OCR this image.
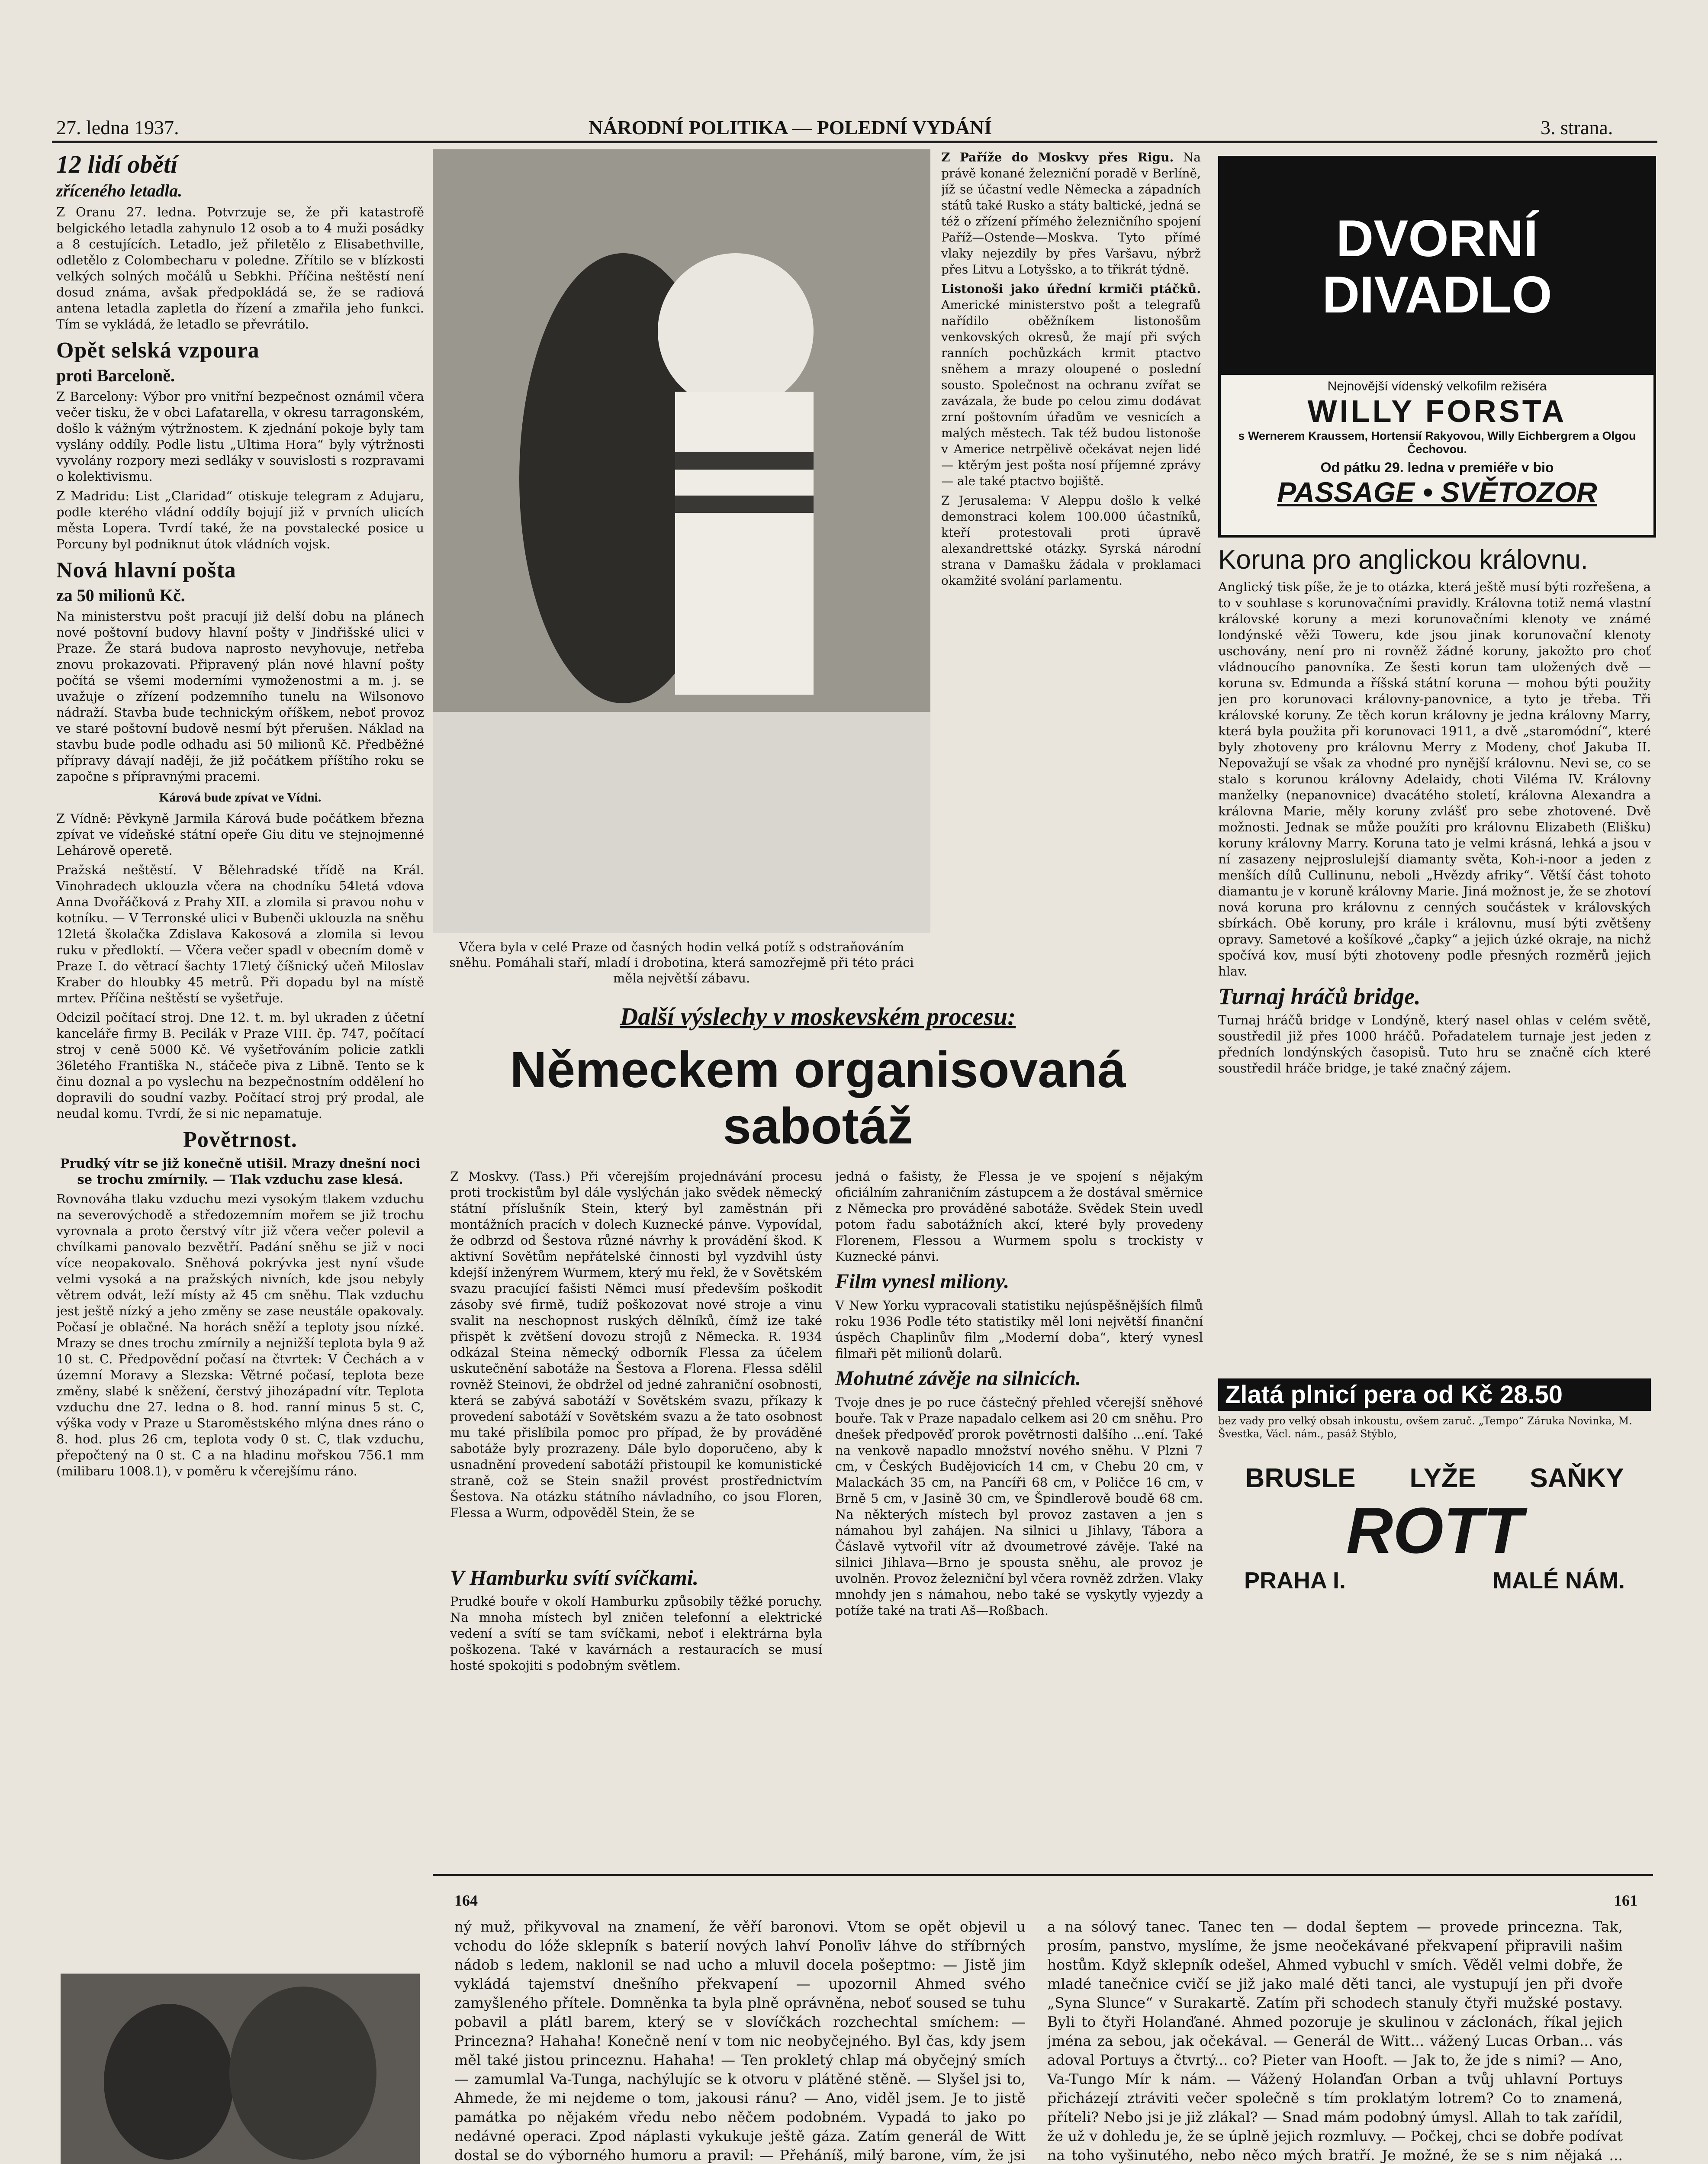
27. ledna 1937.	NÁRODNÍ POLITIKA — POLEDNÍ VYDÁNÍ	3. strana.
12 lidí obětí
zříceného letadla.

Z Oranu 27. ledna. Potvrzuje se, že při katastrofě belgického letadla zahynulo 12 osob a to 4 muži posádky a 8 cestujících. Letadlo, jež přiletělo z Elisabethville, odletělo z Colombecharu v poledne. Zřítilo se v blízkosti velkých solných močálů u Sebkhi. Příčina neštěstí není dosud známa, avšak předpokládá se, že se radiová antena letadla zapletla do řízení a zmařila jeho funkci. Tím se vykládá, že letadlo se převrátilo.

Opět selská vzpoura
proti Barceloně.

Z Barcelony: Výbor pro vnitřní bezpečnost oznámil včera večer tisku, že v obci Lafatarella, v okresu tarragonském, došlo k vážným výtržnostem. K zjednání pokoje byly tam vyslány oddíly. Podle listu „Ultima Hora“ byly výtržnosti vyvolány rozpory mezi sedláky v souvislosti s rozpravami o kolektivismu.

Z Madridu: List „Claridad“ otiskuje telegram z Adujaru, podle kterého vládní oddíly bojují již v prvních ulicích města Lopera. Tvrdí také, že na povstalecké posice u Porcuny byl podniknut útok vládních vojsk.

Nová hlavní pošta
za 50 milionů Kč.

Na ministerstvu pošt pracují již delší dobu na plánech nové poštovní budovy hlavní pošty v Jindřišské ulici v Praze. Že stará budova naprosto nevyhovuje, netřeba znovu prokazovati. Připravený plán nové hlavní pošty počítá se všemi moderními vymoženostmi a m. j. se uvažuje o zřízení podzemního tunelu na Wilsonovo nádraží. Stavba bude technickým oříškem, neboť provoz ve staré poštovní budově nesmí být přerušen. Náklad na stavbu bude podle odhadu asi 50 milionů Kč. Předběžné přípravy dávají naději, že již počátkem příštího roku se započne s přípravnými pracemi.

Kárová bude zpívat ve Vídni.

Z Vídně: Pěvkyně Jarmila Kárová bude počátkem března zpívat ve vídeňské státní opeře Giu ditu ve stejnojmenné Lehárově operetě.

Pražská neštěstí. V Bělehradské třídě na Král. Vinohradech uklouzla včera na chodníku 54letá vdova Anna Dvořáčková z Prahy XII. a zlomila si pravou nohu v kotníku. — V Terronské ulici v Bubenči uklouzla na sněhu 12letá školačka Zdislava Kakosová a zlomila si levou ruku v předloktí. — Včera večer spadl v obecním domě v Praze I. do větrací šachty 17letý číšnický učeň Miloslav Kraber do hloubky 45 metrů. Při dopadu byl na místě mrtev. Příčina neštěstí se vyšetřuje.

Odcizil počítací stroj. Dne 12. t. m. byl ukraden z účetní kanceláře firmy B. Pecilák v Praze VIII. čp. 747, počítací stroj v ceně 5000 Kč. Vé vyšetřováním policie zatkli 36letého Františka N., stáčeče piva z Libně. Tento se k činu doznal a po vyslechu na bezpečnostním oddělení ho dopravili do soudní vazby. Počítací stroj prý prodal, ale neudal komu. Tvrdí, že si nic nepamatuje.

Povětrnost.

Prudký vítr se již konečně utišil. Mrazy dnešní noci se trochu zmírnily. — Tlak vzduchu zase klesá.

Rovnováha tlaku vzduchu mezi vysokým tlakem vzduchu na severovýchodě a středozemním mořem se již trochu vyrovnala a proto čerstvý vítr již včera večer polevil a chvílkami panovalo bezvětří. Padání sněhu se již v noci více neopakovalo. Sněhová pokrývka jest nyní všude velmi vysoká a na pražských nivních, kde jsou nebyly větrem odvát, leží místy až 45 cm sněhu. Tlak vzduchu jest ještě nízký a jeho změny se zase neustále opakovaly. Počasí je oblačné. Na horách sněží a teploty jsou nízké. Mrazy se dnes trochu zmírnily a nejnižší teplota byla 9 až 10 st. C. Předpovědní počasí na čtvrtek: V Čechách a v územní Moravy a Slezska: Větrné počasí, teplota beze změny, slabé k sněžení, čerstvý jihozápadní vítr. Teplota vzduchu dne 27. ledna o 8. hod. ranní minus 5 st. C, výška vody v Praze u Staroměstského mlýna dnes ráno o 8. hod. plus 26 cm, teplota vody 0 st. C, tlak vzduchu, přepočtený na 0 st. C a na hladinu mořskou 756.1 mm (milibaru 1008.1), v poměru k včerejšímu ráno.

Včera byla v celé Praze od časných hodin velká potíž s odstraňováním sněhu. Pomáhali staří, mladí i drobotina, která samozřejmě při této práci měla největší zábavu.

Z Paříže do Moskvy přes Rigu. Na právě konané železniční poradě v Berlíně, jíž se účastní vedle Německa a západních států také Rusko a státy baltické, jedná se též o zřízení přímého železničního spojení Paříž—Ostende—Moskva. Tyto přímé vlaky nejezdily by přes Varšavu, nýbrž přes Litvu a Lotyšsko, a to třikrát týdně.

Listonoši jako úřední krmiči ptáčků. Americké ministerstvo pošt a telegrafů nařídilo oběžníkem listonošům venkovských okresů, že mají při svých ranních pochůzkách krmit ptactvo sněhem a mrazy oloupené o poslední sousto. Společnost na ochranu zvířat se zavázala, že bude po celou zimu dodávat zrní poštovním úřadům ve vesnicích a malých městech. Tak též budou listonoše v Americe netrpělivě očekávat nejen lidé — ktěrým jest pošta nosí příjemné zprávy — ale také ptactvo bojiště.

Z Jerusalema: V Aleppu došlo k velké demonstraci kolem 100.000 účastníků, kteří protestovali proti úpravě alexandrettské otázky. Syrská národní strana v Damašku žádala v proklamaci okamžité svolání parlamentu.

DVORNÍ DIVADLO
Nejnovější vídenský velkofilm režiséra
WILLY FORSTA
s Wernerem Kraussem, Hortensií Rakyovou, Willy Eichbergrem a Olgou Čechovou.
Od pátku 29. ledna v premiéře v bio
PASSAGE • SVĚTOZOR
Koruna pro anglickou královnu.

Anglický tisk píše, že je to otázka, která ještě musí býti rozřešena, a to v souhlase s korunovačními pravidly. Královna totiž nemá vlastní královské koruny a mezi korunovačními klenoty ve známé londýnské věži Toweru, kde jsou jinak korunovační klenoty uschovány, není pro ni rovněž žádné koruny, jakožto pro choť vládnoucího panovníka. Ze šesti korun tam uložených dvě — koruna sv. Edmunda a říšská státní koruna — mohou býti použity jen pro korunovaci královny-panovnice, a tyto je třeba. Tři královské koruny. Ze těch korun královny je jedna královny Marry, která byla použita při korunovaci 1911, a dvě „staromódní“, které byly zhotoveny pro královnu Merry z Modeny, choť Jakuba II. Nepovažují se však za vhodné pro nynější královnu. Nevi se, co se stalo s korunou královny Adelaidy, choti Viléma IV. Královny manželky (nepanovnice) dvacátého století, královna Alexandra a královna Marie, měly koruny zvlášť pro sebe zhotovené. Dvě možnosti. Jednak se může použíti pro královnu Elizabeth (Elišku) koruny královny Marry. Koruna tato je velmi krásná, lehká a jsou v ní zasazeny nejproslulejší diamanty světa, Koh-i-noor a jeden z menších dílů Cullinunu, neboli „Hvězdy afriky“. Větší část tohoto diamantu je v koruně královny Marie. Jiná možnost je, že se zhotoví nová koruna pro královnu z cenných součástek v královských sbírkách. Obě koruny, pro krále i královnu, musí býti zvětšeny opravy. Sametové a košíkové „čapky“ a jejich úzké okraje, na nichž spočívá kov, musí býti zhotoveny podle přesných rozměrů jejich hlav.

Turnaj hráčů bridge.

Turnaj hráčů bridge v Londýně, který nasel ohlas v celém světě, soustředil již přes 1000 hráčů. Pořadatelem turnaje jest jeden z předních londýnských časopisů. Tuto hru se značně cích které soustředil hráče bridge, je také značný zájem.

Zlatá plnicí pera od Kč 28.50
bez vady pro velký obsah inkoustu, ovšem zaruč. „Tempo“ Záruka Novinka, M. Švestka, Václ. nám., pasáž Stýblo,
BRUSLE LYŽE SAŇKY
ROTT
PRAHA I.	MALÉ NÁM.
Další výslechy v moskevském procesu:
Německem organisovaná
sabotáž

Z Moskvy. (Tass.) Při včerejším projednávání procesu proti trockistům byl dále vyslýchán jako svědek německý státní příslušník Stein, který byl zaměstnán při montážních pracích v dolech Kuznecké pánve. Vypovídal, že odbrzd od Šestova různé návrhy k provádění škod. K aktivní Sovětům nepřátelské činnosti byl vyzdvihl ústy kdejší inženýrem Wurmem, který mu řekl, že v Sovětském svazu pracující fašisti Němci musí především poškodit zásoby své firmě, tudíž poškozovat nové stroje a vinu svalit na neschopnost ruských dělníků, čímž ize také přispět k zvětšení dovozu strojů z Německa. R. 1934 odkázal Steina německý odborník Flessa za účelem uskutečnění sabotáže na Šestova a Florena. Flessa sdělil rovněž Steinovi, že obdržel od jedné zahraniční osobnosti, která se zabývá sabotáží v Sovětském svazu, příkazy k provedení sabotáží v Sovětském svazu a že tato osobnost mu také přislíbila pomoc pro případ, že by prováděné sabotáže byly prozrazeny. Dále bylo doporučeno, aby k usnadnění provedení sabotáží přistoupil ke komunistické straně, což se Stein snažil provést prostřednictvím Šestova. Na otázku státního návladního, co jsou Floren, Flessa a Wurm, odpověděl Stein, že se

jedná o fašisty, že Flessa je ve spojení s nějakým oficiálním zahraničním zástupcem a že dostával směrnice z Německa pro prováděné sabotáže. Svědek Stein uvedl potom řadu sabotážních akcí, které byly provedeny Florenem, Flessou a Wurmem spolu s trockisty v Kuznecké pánvi.

Film vynesl miliony.

V New Yorku vypracovali statistiku nejúspěšnějších filmů roku 1936 Podle této statistiky měl loni největší finanční úspěch Chaplinův film „Moderní doba“, který vynesl filmaři pět milionů dolarů.

Mohutné závěje na silnicích.

Tvoje dnes je po ruce částečný přehled včerejší sněhové bouře. Tak v Praze napadalo celkem asi 20 cm sněhu. Pro dnešek předpověď prorok povětrnosti dalšího ...ení. Také na venkově napadlo množství nového sněhu. V Plzni 7 cm, v Českých Budějovicích 14 cm, v Chebu 20 cm, v Malackách 35 cm, na Pancíři 68 cm, v Poličce 16 cm, v Brně 5 cm, v Jasině 30 cm, ve Špindlerově boudě 68 cm. Na některých místech byl provoz zastaven a jen s námahou byl zahájen. Na silnici u Jihlavy, Tábora a Čáslavě vytvořil vítr až dvoumetrové závěje. Také na silnici Jihlava—Brno je spousta sněhu, ale provoz je uvolněn. Provoz železniční byl včera rovněž zdržen. Vlaky mnohdy jen s námahou, nebo také se vyskytly vyjezdy a potíže také na trati Aš—Roßbach.

V Hamburku svítí svíčkami.

Prudké bouře v okolí Hamburku způsobily těžké poruchy. Na mnoha místech byl zničen telefonní a elektrické vedení a svítí se tam svíčkami, neboť i elektrárna byla poškozena. Také v kavárnách a restauracích se musí hosté spokojiti s podobným světlem.

164	161

ný muž, přikyvoval na znamení, že věří baronovi. Vtom se opět objevil u vchodu do lóže sklepník s baterií nových lahví Ponoľiv láhve do stříbrných nádob s ledem, naklonil se nad ucho a mluvil docela pošeptmo: — Jistě jim vykládá tajemství dnešního překvapení — upozornil Ahmed svého zamyšleného přítele. Domněnka ta byla plně oprávněna, neboť soused se tuhu pobavil a plátl barem, který se v slovíčkách rozchechtal smíchem: — Princezna? Hahaha! Konečně není v tom nic neobyčejného. Byl čas, kdy jsem měl také jistou princeznu. Hahaha! — Ten prokletý chlap má obyčejný smích — zamumlal Va-Tunga, nachýlujíc se k otvoru v plátěné stěně. — Slyšel jsi to, Ahmede, že mi nejdeme o tom, jakousi ránu? — Ano, viděl jsem. Je to jistě památka po nějakém vředu nebo něčem podobném. Vypadá to jako po nedávné operaci. Zpod náplasti vykukuje ještě gáza. Zatím generál de Witt dostal se do výborného humoru a pravil: — Přeháníš, milý barone, vím, že jsi

a na sólový tanec. Tanec ten — dodal šeptem — provede princezna. Tak, prosím, panstvo, myslíme, že jsme neočekávané překvapení připravili našim hostům. Když sklepník odešel, Ahmed vybuchl v smích. Věděl velmi dobře, že mladé tanečnice cvičí se již jako malé děti tanci, ale vystupují jen při dvoře „Syna Slunce“ v Surakartě. Zatím při schodech stanuly čtyři mužské postavy. Byli to čtyři Holanďané. Ahmed pozoruje je skulinou v záclonách, říkal jejich jména za sebou, jak očekával. — Generál de Witt... vážený Lucas Orban... vás adoval Portuys a čtvrtý... co? Pieter van Hooft. — Jak to, že jde s nimi? — Ano, Va-Tungo Mír k nám. — Vážený Holanďan Orban a tvůj uhlavní Portuys přicházejí ztráviti večer společně s tím proklatým lotrem? Co to znamená, příteli? Nebo jsi je již zlákal? — Snad mám podobný úmysl. Allah to tak zařídil, že už v dohledu je, že se úplně jejich rozmluvy. — Počkej, chci se dobře podívat na toho vyšinutého, nebo něco mých bratří. Je možné, že se s nim nějaká ...
